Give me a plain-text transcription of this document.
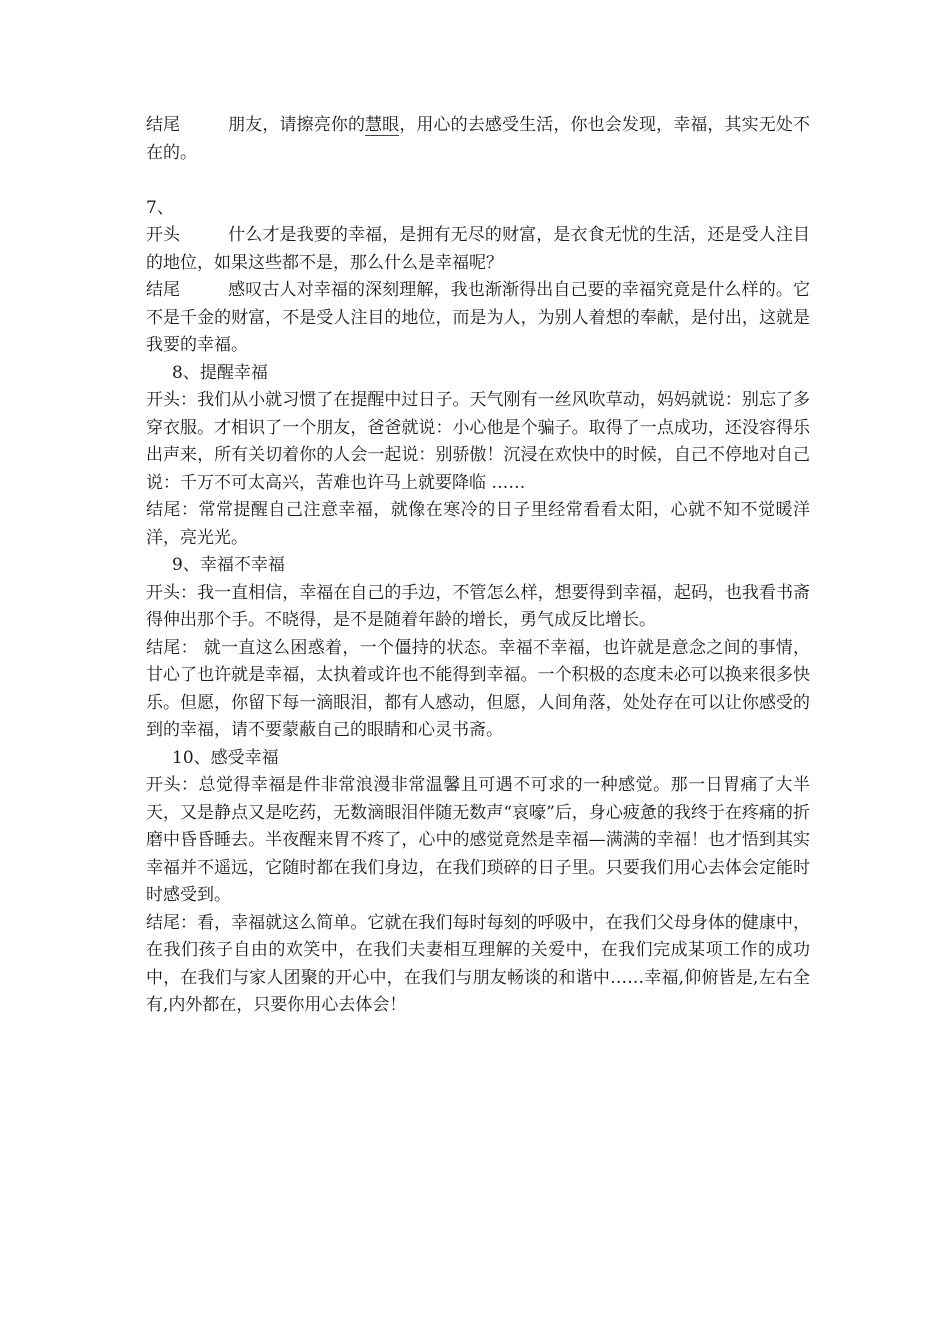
结尾	朋友，请擦亮你的慧眼，用心的去感受生活，你也会发现，幸福，其实无处不在的。

7、

开头	什么才是我要的幸福，是拥有无尽的财富，是衣食无忧的生活，还是受人注目的地位，如果这些都不是，那么什么是幸福呢？

结尾	感叹古人对幸福的深刻理解，我也渐渐得出自己要的幸福究竟是什么样的。它不是千金的财富，不是受人注目的地位，而是为人，为别人着想的奉献，是付出，这就是我要的幸福。

8、提醒幸福

开头：我们从小就习惯了在提醒中过日子。天气刚有一丝风吹草动，妈妈就说：别忘了多穿衣服。才相识了一个朋友，爸爸就说：小心他是个骗子。取得了一点成功，还没容得乐出声来，所有关切着你的人会一起说：别骄傲！沉浸在欢快中的时候，自己不停地对自己说：千万不可太高兴，苦难也许马上就要降临 ……

结尾：常常提醒自己注意幸福，就像在寒冷的日子里经常看看太阳，心就不知不觉暖洋洋，亮光光。

9、幸福不幸福

开头：我一直相信，幸福在自己的手边，不管怎么样，想要得到幸福，起码，也我看书斋得伸出那个手。不晓得，是不是随着年龄的增长，勇气成反比增长。

结尾： 就一直这么困惑着，一个僵持的状态。幸福不幸福，也许就是意念之间的事情，甘心了也许就是幸福，太执着或许也不能得到幸福。一个积极的态度未必可以换来很多快乐。但愿，你留下每一滴眼泪，都有人感动，但愿，人间角落，处处存在可以让你感受的到的幸福，请不要蒙蔽自己的眼睛和心灵书斋。

10、感受幸福

开头：总觉得幸福是件非常浪漫非常温馨且可遇不可求的一种感觉。那一日胃痛了大半天，又是静点又是吃药，无数滴眼泪伴随无数声“哀嚎”后，身心疲惫的我终于在疼痛的折磨中昏昏睡去。半夜醒来胃不疼了，心中的感觉竟然是幸福—满满的幸福！也才悟到其实幸福并不遥远，它随时都在我们身边，在我们琐碎的日子里。只要我们用心去体会定能时时感受到。

结尾：看，幸福就这么简单。它就在我们每时每刻的呼吸中，在我们父母身体的健康中，在我们孩子自由的欢笑中，在我们夫妻相互理解的关爱中，在我们完成某项工作的成功中，在我们与家人团聚的开心中，在我们与朋友畅谈的和谐中……幸福,仰俯皆是,左右全有,内外都在，只要你用心去体会！
